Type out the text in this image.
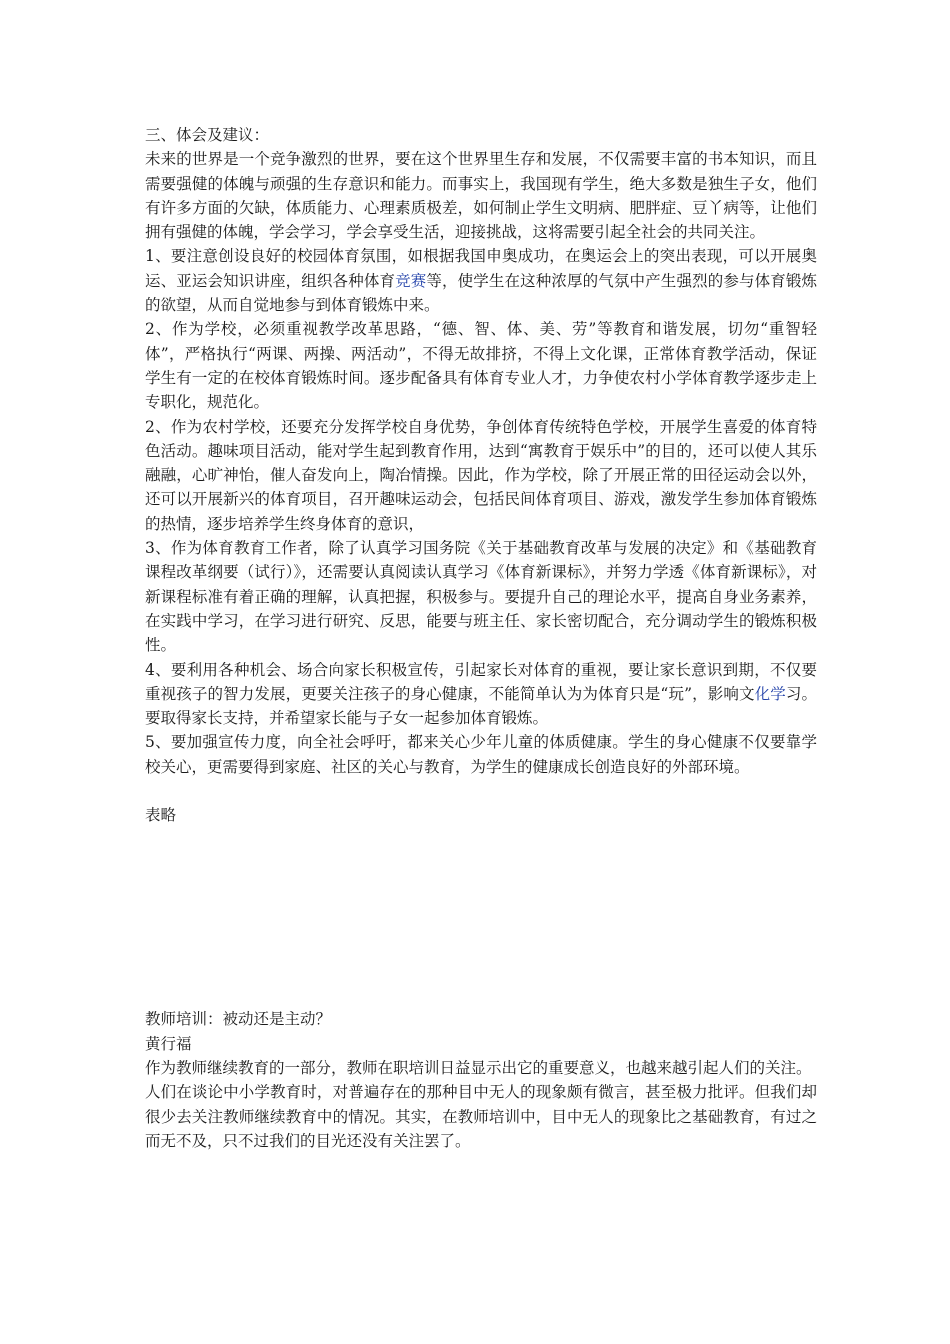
三、体会及建议：

未来的世界是一个竞争激烈的世界，要在这个世界里生存和发展，不仅需要丰富的书本知识，而且需要强健的体魄与顽强的生存意识和能力。而事实上，我国现有学生，绝大多数是独生子女，他们有许多方面的欠缺，体质能力、心理素质极差，如何制止学生文明病、肥胖症、豆丫病等，让他们拥有强健的体魄，学会学习，学会享受生活，迎接挑战，这将需要引起全社会的共同关注。

1、要注意创设良好的校园体育氛围，如根据我国申奥成功，在奥运会上的突出表现，可以开展奥运、亚运会知识讲座，组织各种体育竞赛等，使学生在这种浓厚的气氛中产生强烈的参与体育锻炼的欲望，从而自觉地参与到体育锻炼中来。

2、作为学校，必须重视教学改革思路，“德、智、体、美、劳”等教育和谐发展，切勿“重智轻体”，严格执行“两课、两操、两活动”，不得无故排挤，不得上文化课，正常体育教学活动，保证学生有一定的在校体育锻炼时间。逐步配备具有体育专业人才，力争使农村小学体育教学逐步走上专职化，规范化。

2、作为农村学校，还要充分发挥学校自身优势，争创体育传统特色学校，开展学生喜爱的体育特色活动。趣味项目活动，能对学生起到教育作用，达到“寓教育于娱乐中”的目的，还可以使人其乐融融，心旷神怡，催人奋发向上，陶冶情操。因此，作为学校，除了开展正常的田径运动会以外，还可以开展新兴的体育项目，召开趣味运动会，包括民间体育项目、游戏，激发学生参加体育锻炼的热情，逐步培养学生终身体育的意识，

3、作为体育教育工作者，除了认真学习国务院《关于基础教育改革与发展的决定》和《基础教育课程改革纲要（试行）》，还需要认真阅读认真学习《体育新课标》，并努力学透《体育新课标》，对新课程标准有着正确的理解，认真把握，积极参与。要提升自己的理论水平，提高自身业务素养，在实践中学习，在学习进行研究、反思，能要与班主任、家长密切配合，充分调动学生的锻炼积极性。

4、要利用各种机会、场合向家长积极宣传，引起家长对体育的重视，要让家长意识到期，不仅要重视孩子的智力发展，更要关注孩子的身心健康，不能简单认为为体育只是“玩”，影响文化学习。要取得家长支持，并希望家长能与子女一起参加体育锻炼。

5、要加强宣传力度，向全社会呼吁，都来关心少年儿童的体质健康。学生的身心健康不仅要靠学校关心，更需要得到家庭、社区的关心与教育，为学生的健康成长创造良好的外部环境。

表略

教师培训：被动还是主动？

黄行福

作为教师继续教育的一部分，教师在职培训日益显示出它的重要意义，也越来越引起人们的关注。

人们在谈论中小学教育时，对普遍存在的那种目中无人的现象颇有微言，甚至极力批评。但我们却很少去关注教师继续教育中的情况。其实，在教师培训中，目中无人的现象比之基础教育，有过之而无不及，只不过我们的目光还没有关注罢了。
